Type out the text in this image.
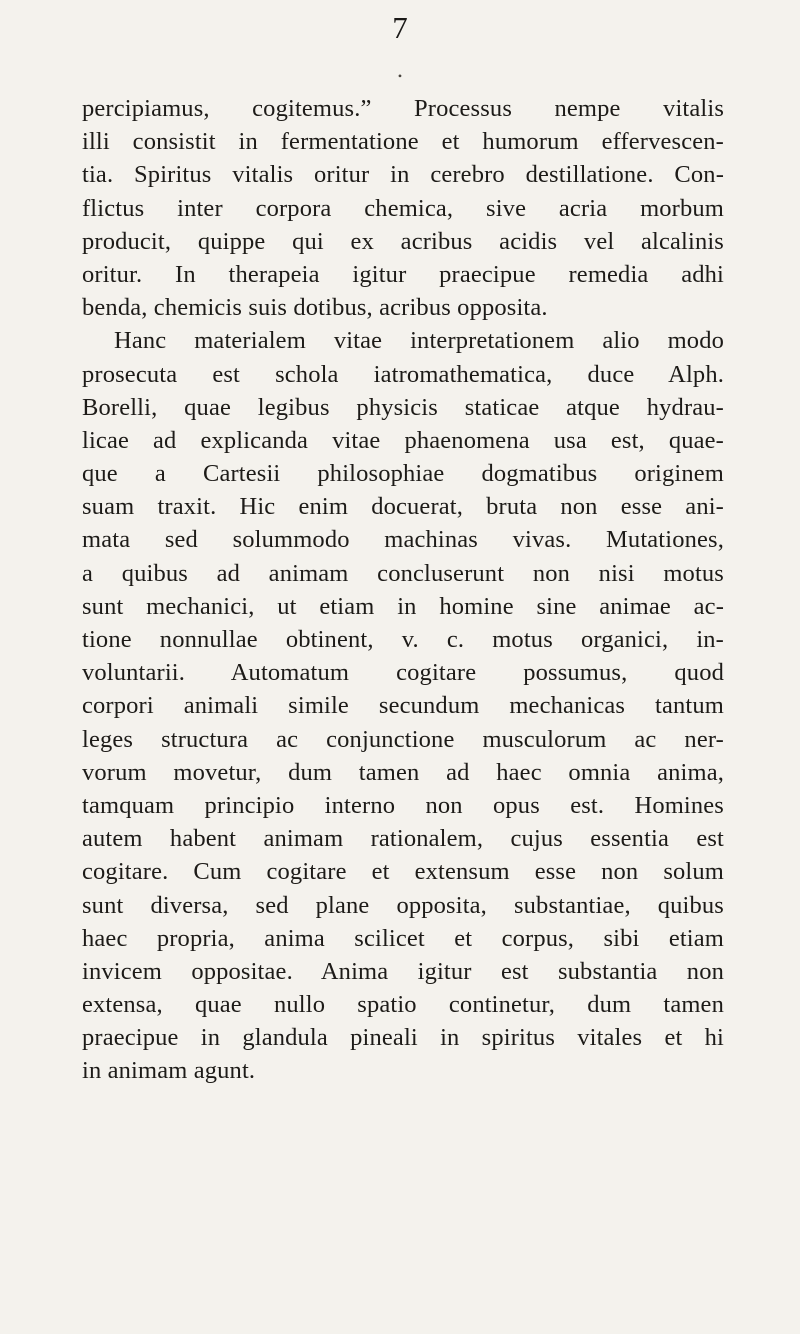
7
•
percipiamus, cogitemus.” Processus nempe vitalis
illi consistit in fermentatione et humorum effervescen-
tia. Spiritus vitalis oritur in cerebro destillatione. Con-
flictus inter corpora chemica, sive acria morbum
producit, quippe qui ex acribus acidis vel alcalinis
oritur. In therapeia igitur praecipue remedia adhi
benda, chemicis suis dotibus, acribus opposita.
Hanc materialem vitae interpretationem alio modo
prosecuta est schola iatromathematica, duce Alph.
Borelli, quae legibus physicis staticae atque hydrau-
licae ad explicanda vitae phaenomena usa est, quae-
que a Cartesii philosophiae dogmatibus originem
suam traxit. Hic enim docuerat, bruta non esse ani-
mata sed solummodo machinas vivas. Mutationes,
a quibus ad animam concluserunt non nisi motus
sunt mechanici, ut etiam in homine sine animae ac-
tione nonnullae obtinent, v. c. motus organici, in-
voluntarii. Automatum cogitare possumus, quod
corpori animali simile secundum mechanicas tantum
leges structura ac conjunctione musculorum ac ner-
vorum movetur, dum tamen ad haec omnia anima,
tamquam principio interno non opus est. Homines
autem habent animam rationalem, cujus essentia est
cogitare. Cum cogitare et extensum esse non solum
sunt diversa, sed plane opposita, substantiae, quibus
haec propria, anima scilicet et corpus, sibi etiam
invicem oppositae. Anima igitur est substantia non
extensa, quae nullo spatio continetur, dum tamen
praecipue in glandula pineali in spiritus vitales et hi
in animam agunt.
